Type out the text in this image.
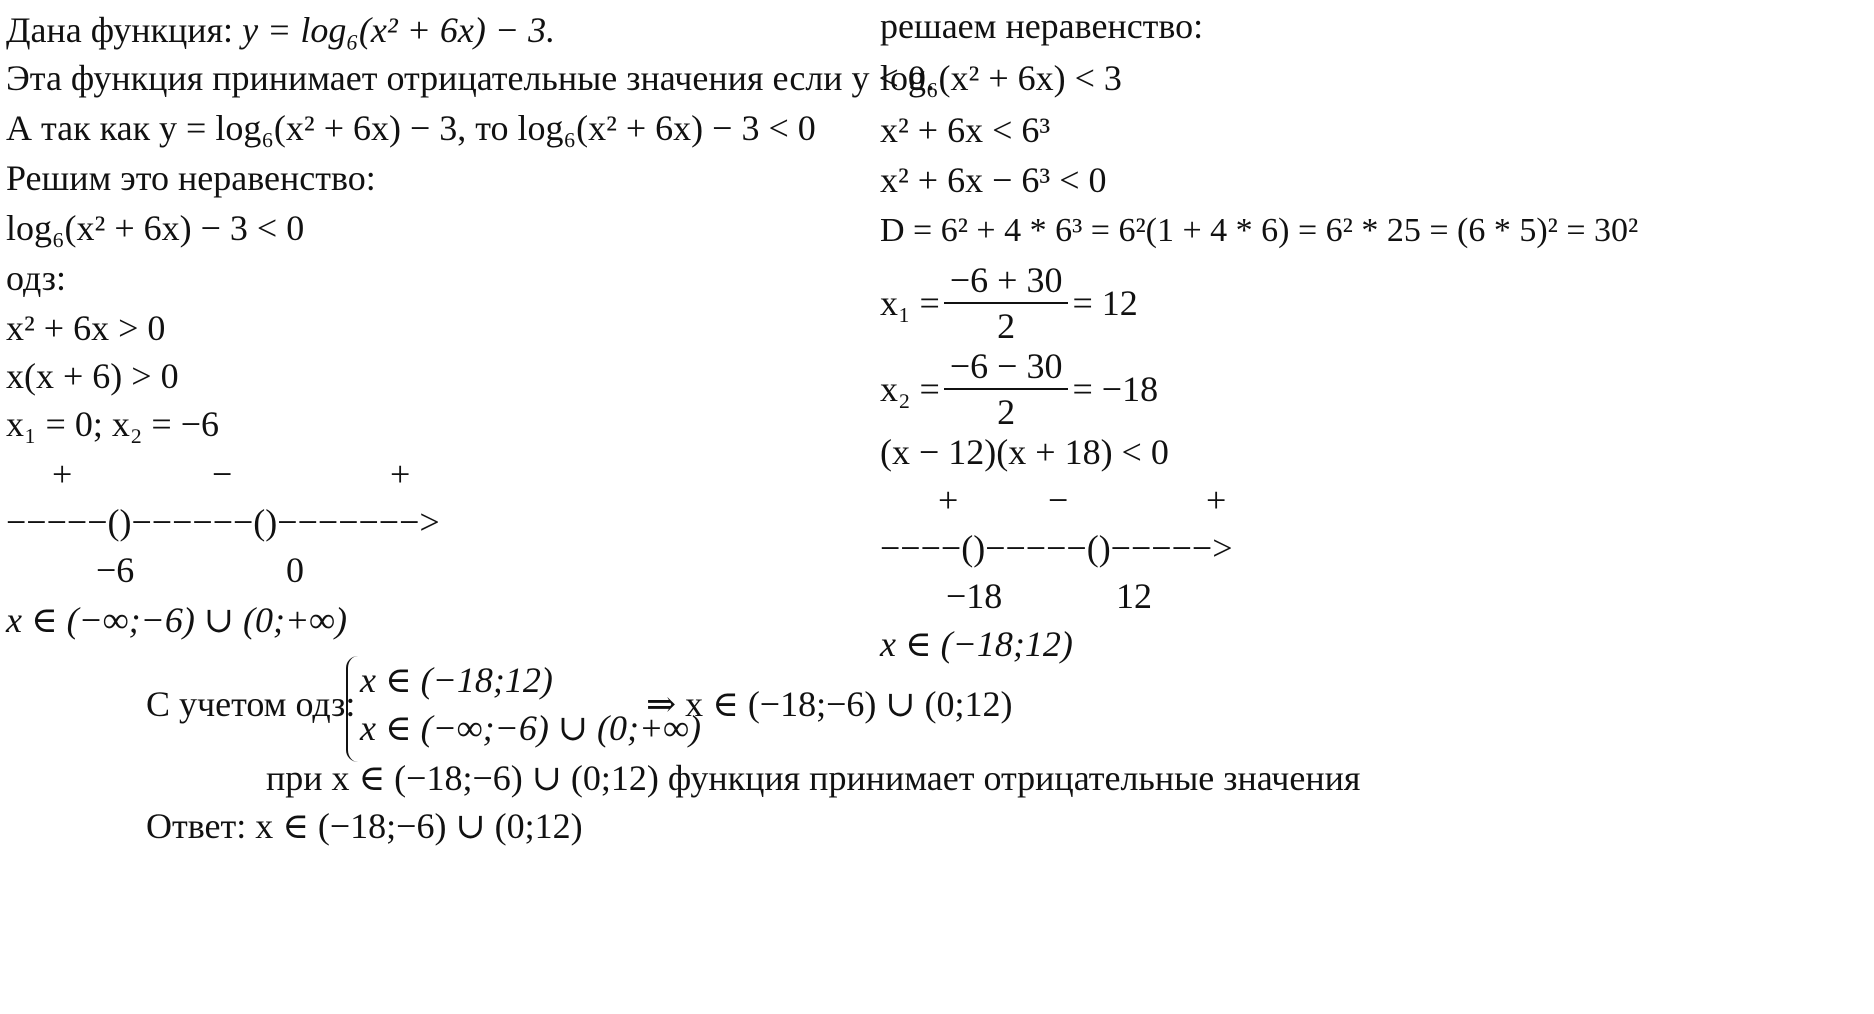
Дана функция: y = log₆(x² + 6x) − 3.
Эта функция принимает отрицательные значения если y < 0.
А так как y = log₆(x² + 6x) − 3, то log₆(x² + 6x) − 3 < 0
Решим это неравенство:
log₆(x² + 6x) − 3 < 0
одз:
x² + 6x > 0
x(x + 6) > 0
x₁ = 0; x₂ = −6
+	−	+
−−−−−()−−−−−−()−−−−−−−>
−6	0
x ∈ (−∞;−6) ∪ (0;+∞)
решаем неравенство:
log₆(x² + 6x) < 3
x² + 6x < 6³
x² + 6x − 6³ < 0
D = 6² + 4 * 6³ = 6²(1 + 4 * 6) = 6² * 25 = (6 * 5)² = 30²
$x_1 = \frac{-6 + 30}{2} = 12$
$x_2 = \frac{-6 - 30}{2} = -18$
(x − 12)(x + 18) < 0
+ −	+
−−−−()−−−−−()−−−−−>
−18	12
x ∈ (−18;12)
С учетом одз:
x ∈ (−18;12)
x ∈ (−∞;−6) ∪ (0;+∞)
⇒ x ∈ (−18;−6) ∪ (0;12)
при x ∈ (−18;−6) ∪ (0;12) функция принимает отрицательные значения
Ответ: x ∈ (−18;−6) ∪ (0;12)
